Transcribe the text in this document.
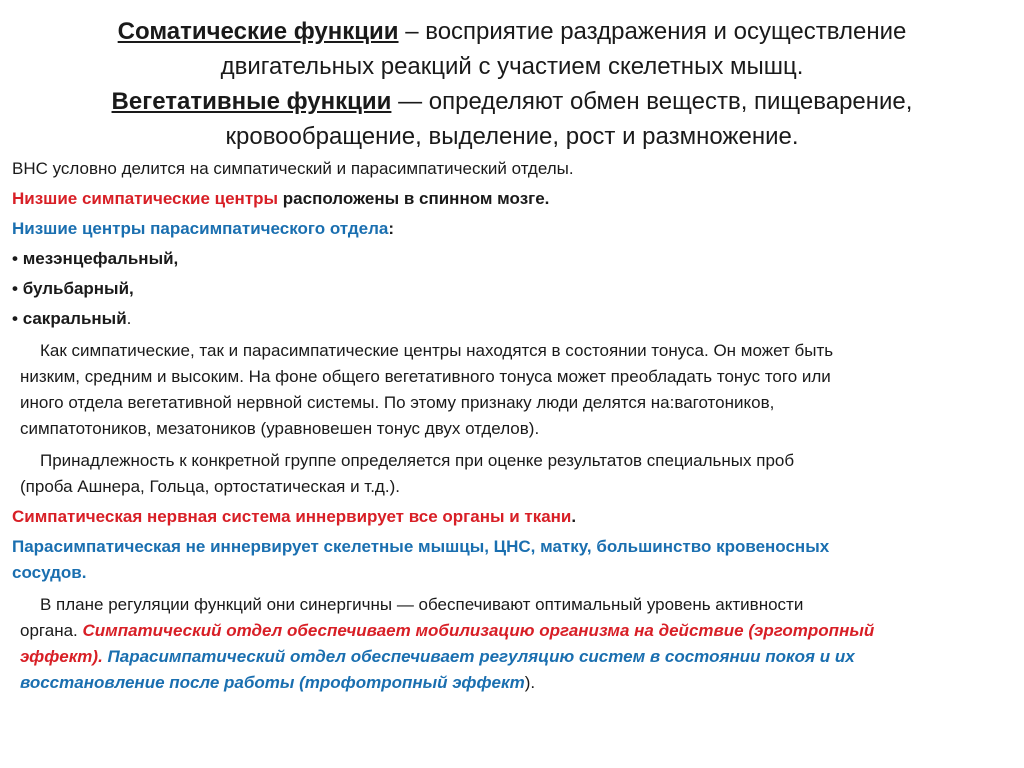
Соматические функции – восприятие раздражения и осуществление
двигательных реакций с участием скелетных мышц.
Вегетативные функции — определяют обмен веществ, пищеварение,
кровообращение, выделение, рост и размножение.

ВНС условно делится на симпатический и парасимпатический отделы.

Низшие симпатические центры расположены в спинном мозге.

Низшие центры парасимпатического отдела:

• мезэнцефальный,

• бульбарный,

• сакральный.

Как симпатические, так и парасимпатические центры находятся в состоянии тонуса. Он может быть

низким, средним и высоким. На фоне общего вегетативного тонуса может преобладать тонус того или

иного отдела вегетативной нервной системы. По этому признаку люди делятся на:ваготоников,

симпатотоников, мезатоников (уравновешен тонус двух отделов).

Принадлежность к конкретной группе определяется при оценке результатов специальных проб

(проба Ашнера, Гольца, ортостатическая и т.д.).

Симпатическая нервная система иннервирует все органы и ткани.

Парасимпатическая не иннервирует скелетные мышцы, ЦНС, матку, большинство кровеносных

сосудов.

В плане регуляции функций они синергичны — обеспечивают оптимальный уровень активности

органа. Симпатический отдел обеспечивает мобилизацию организма на действие (эрготропный

эффект). Парасимпатический отдел обеспечивает регуляцию систем в состоянии покоя и их

восстановление после работы (трофотропный эффект).
